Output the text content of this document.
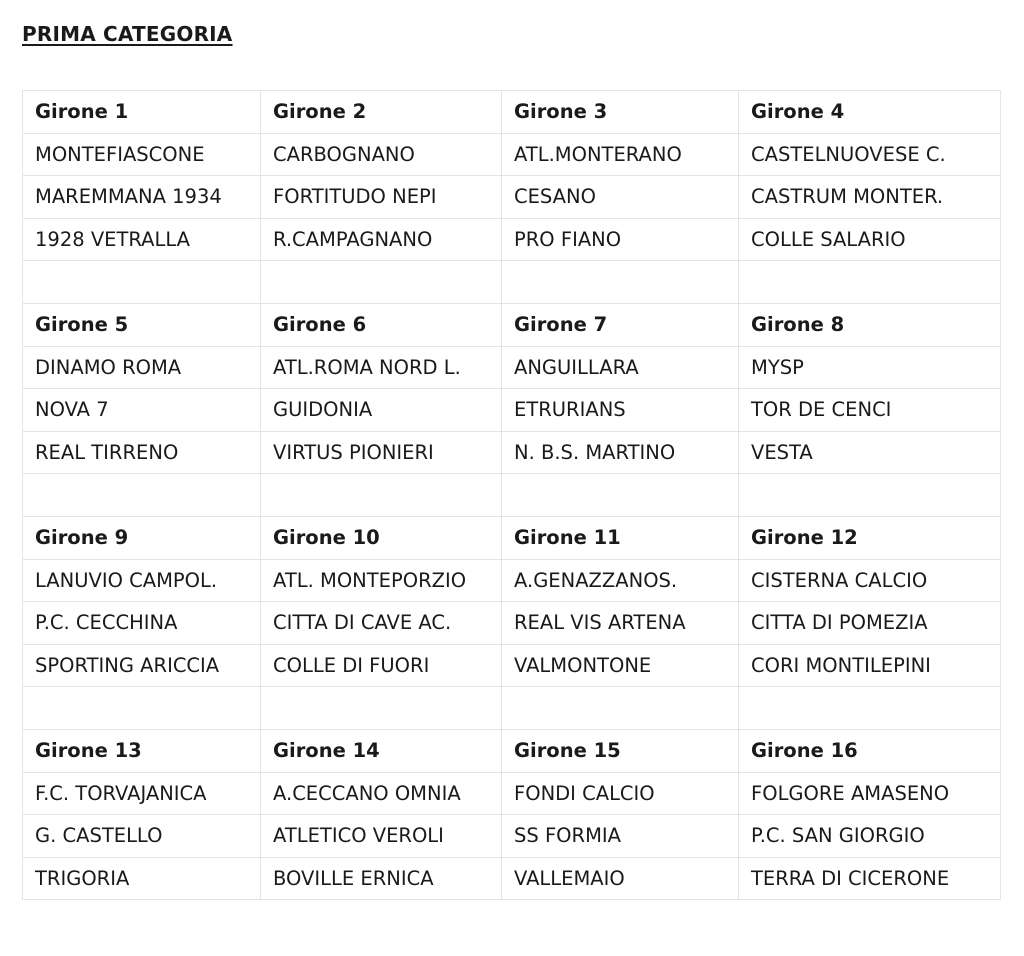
PRIMA CATEGORIA
Girone 1	Girone 2	Girone 3	Girone 4
MONTEFIASCONE	CARBOGNANO	ATL.MONTERANO	CASTELNUOVESE C.
MAREMMANA 1934	FORTITUDO NEPI	CESANO	CASTRUM MONTER.
1928 VETRALLA	R.CAMPAGNANO	PRO FIANO	COLLE SALARIO

Girone 5	Girone 6	Girone 7	Girone 8
DINAMO ROMA	ATL.ROMA NORD L.	ANGUILLARA	MYSP
NOVA 7	GUIDONIA	ETRURIANS	TOR DE CENCI
REAL TIRRENO	VIRTUS PIONIERI	N. B.S. MARTINO	VESTA

Girone 9	Girone 10	Girone 11	Girone 12
LANUVIO CAMPOL.	ATL. MONTEPORZIO	A.GENAZZANOS.	CISTERNA CALCIO
P.C. CECCHINA	CITTA DI CAVE AC.	REAL VIS ARTENA	CITTA DI POMEZIA
SPORTING ARICCIA	COLLE DI FUORI	VALMONTONE	CORI MONTILEPINI

Girone 13	Girone 14	Girone 15	Girone 16
F.C. TORVAJANICA	A.CECCANO OMNIA	FONDI CALCIO	FOLGORE AMASENO
G. CASTELLO	ATLETICO VEROLI	SS FORMIA	P.C. SAN GIORGIO
TRIGORIA	BOVILLE ERNICA	VALLEMAIO	TERRA DI CICERONE
